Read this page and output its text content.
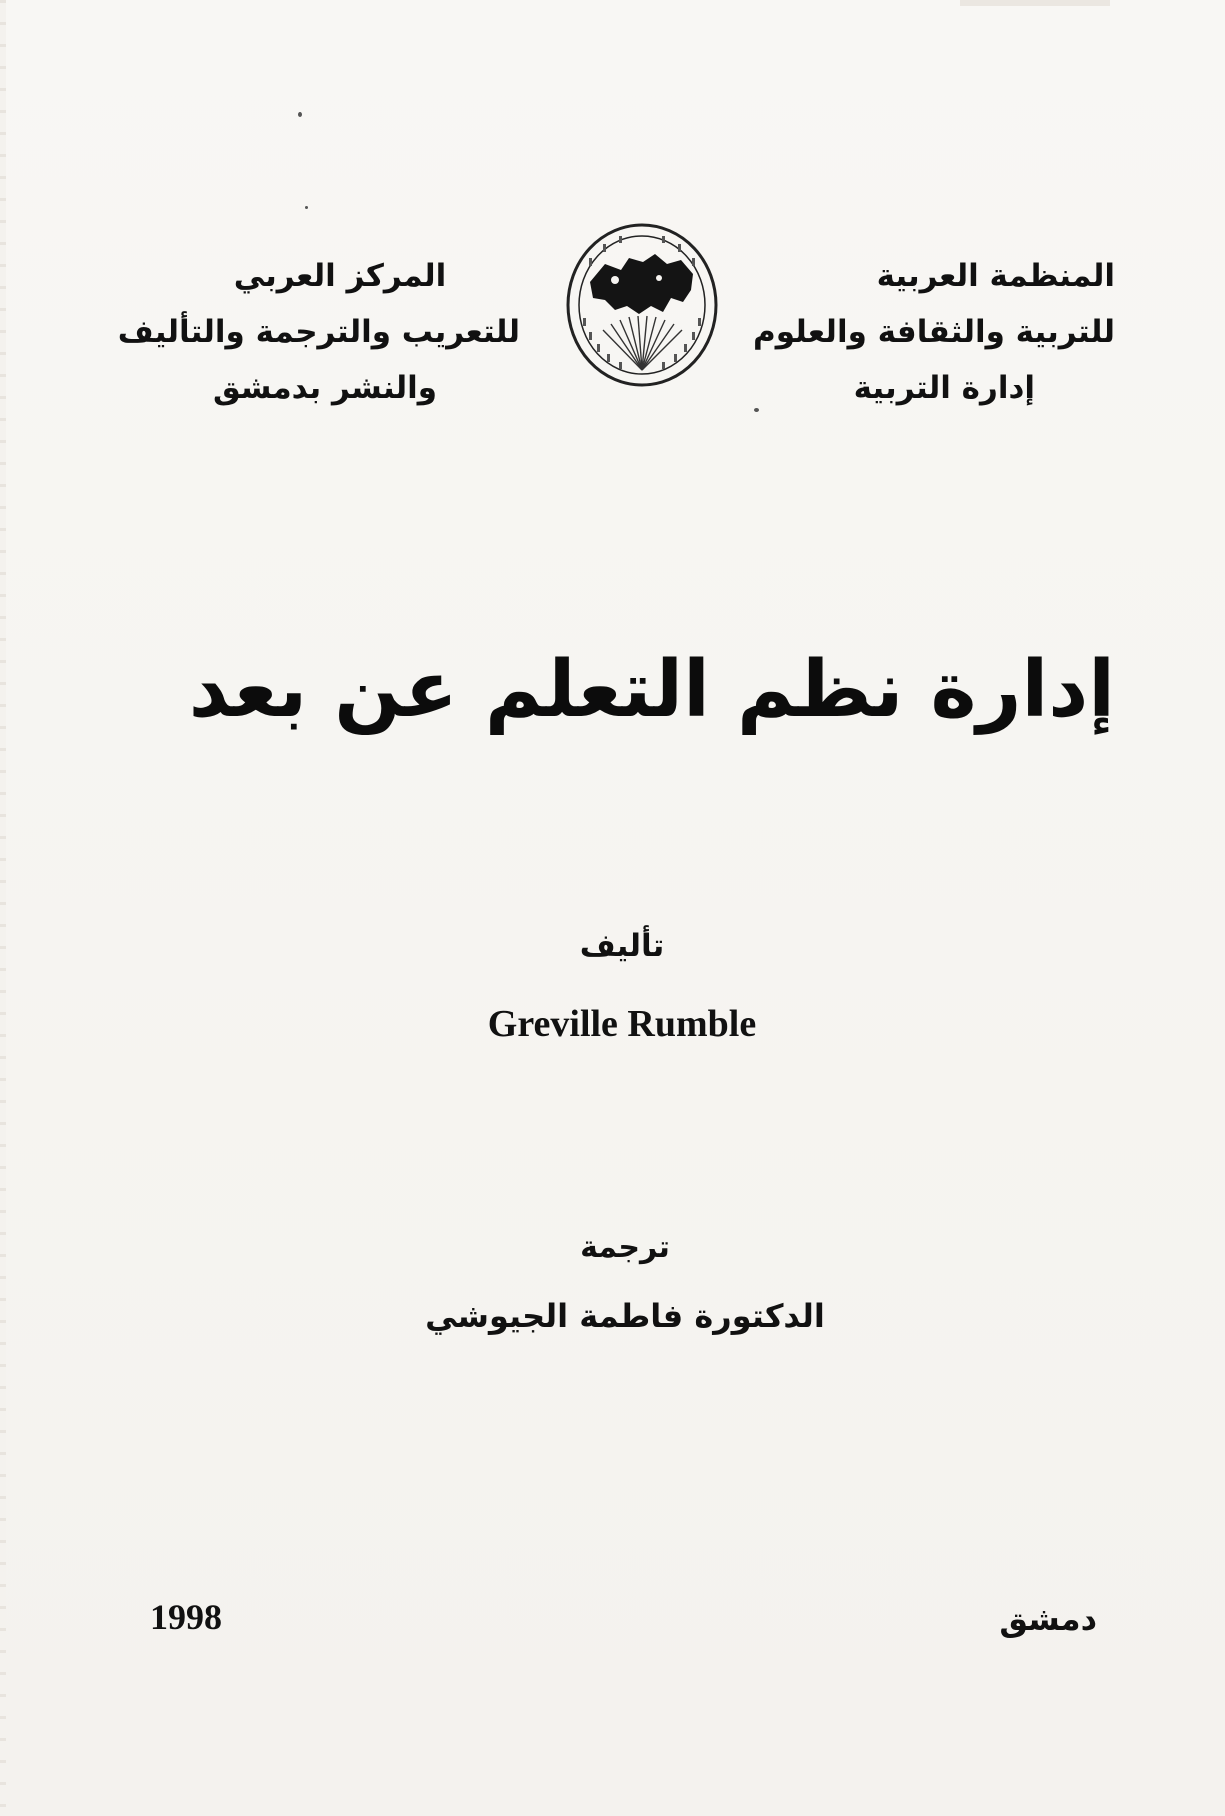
المنظمة العربية
للتربية والثقافة والعلوم
إدارة التربية
المركز العربي
للتعريب والترجمة والتأليف
والنشر بدمشق
إدارة نظم التعلم عن بعد
تأليف
Greville Rumble
ترجمة
الدكتورة فاطمة الجيوشي
دمشق
1998
